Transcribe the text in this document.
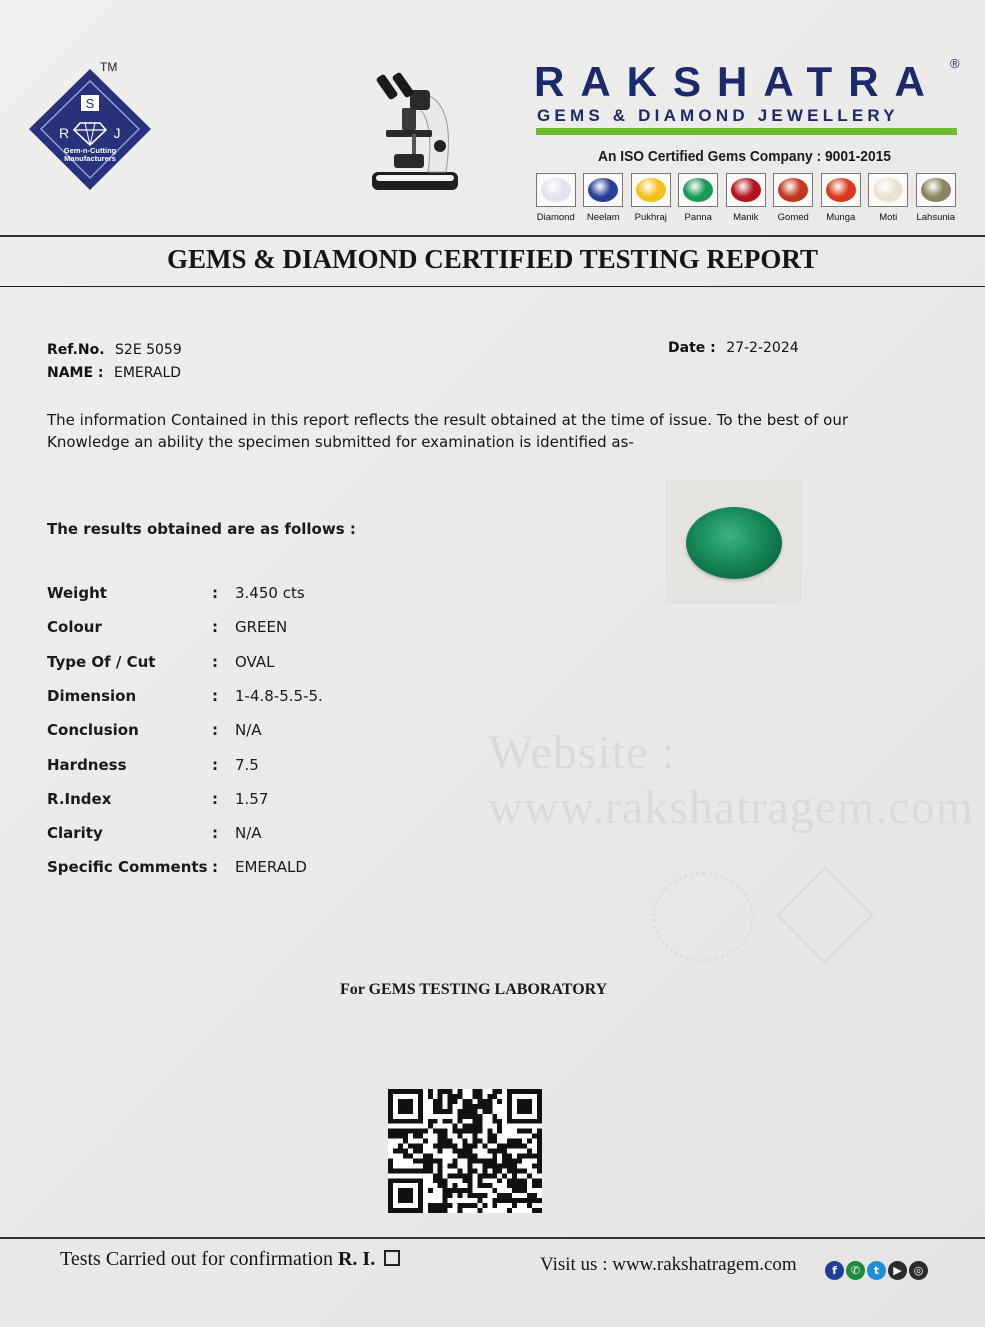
Website : www.rakshatragem.com
TM
S
R	J
Gem-n-Cutting Manufacturers
RAKSHATRA ®
GEMS & DIAMOND JEWELLERY
An ISO Certified Gems Company : 9001-2015
Diamond Neelam Pukhraj Panna Manik Gomed Munga	Moti Lahsunia
GEMS & DIAMOND CERTIFIED TESTING REPORT
Ref.No. S2E 5059
NAME : EMERALD
Date : 27-2-2024
The information Contained in this report reflects the result obtained at the time of issue. To the best of our Knowledge an ability the specimen submitted for examination is identified as-
The results obtained are as follows :
Weight	: 3.450 cts
Colour	: GREEN
Type Of / Cut	: OVAL
Dimension	: 1-4.8-5.5-5.
Conclusion	: N/A
Hardness	: 7.5
R.Index	: 1.57
Clarity	: N/A
Specific Comments : EMERALD
For GEMS TESTING LABORATORY
Tests Carried out for confirmation R. I.	Visit us : www.rakshatragem.com	f	✆	t	▶	◎
